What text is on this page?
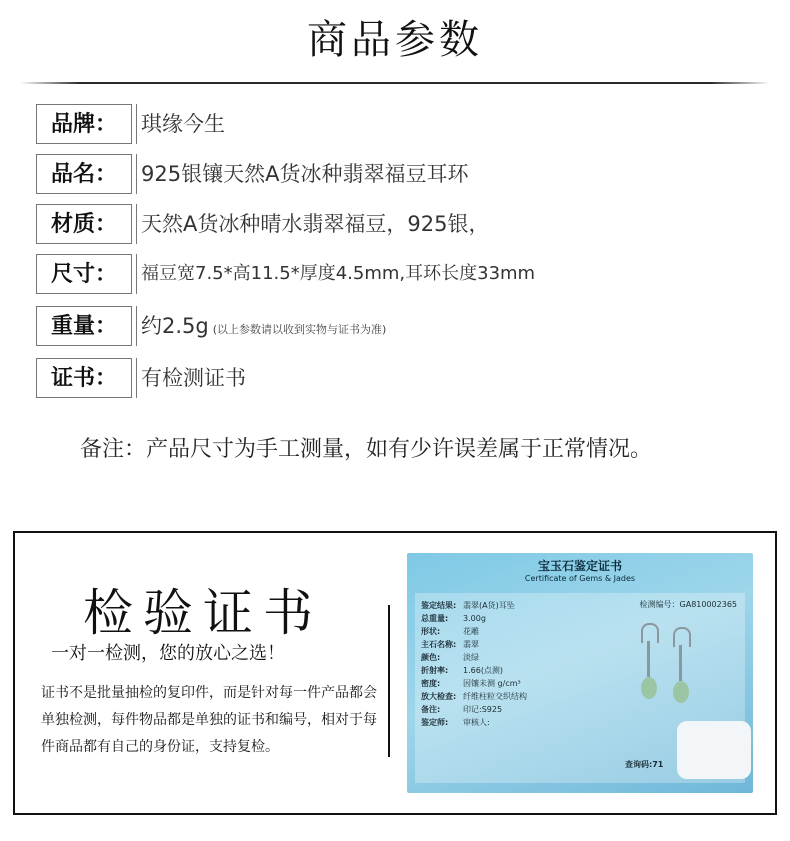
商品参数
品牌：	琪缘今生
品名：	925银镶天然A货冰种翡翠福豆耳环
材质：	天然A货冰种晴水翡翠福豆，925银，
尺寸：	福豆宽7.5*高11.5*厚度4.5mm,耳环长度33mm
重量：	约2.5g (以上参数请以收到实物与证书为准)
证书：	有检测证书
备注：产品尺寸为手工测量，如有少许误差属于正常情况。
检验证书
一对一检测，您的放心之选！
证书不是批量抽检的复印件，而是针对每一件产品都会单独检测，每件物品都是单独的证书和编号，相对于每件商品都有自己的身份证，支持复检。
宝玉石鉴定证书
Certificate of Gems & Jades
检测编号：GA810002365
鉴定结果: 翡翠(A货)耳坠
总重量: 3.00g
形状:	花雕
主石名称: 翡翠
颜色:	淡绿
折射率: 1.66(点测)
密度:	因镶未测 g/cm³
放大检查: 纤维柱粒交织结构
备注:	印记:S925
鉴定师: 审核人:
查询码:71
